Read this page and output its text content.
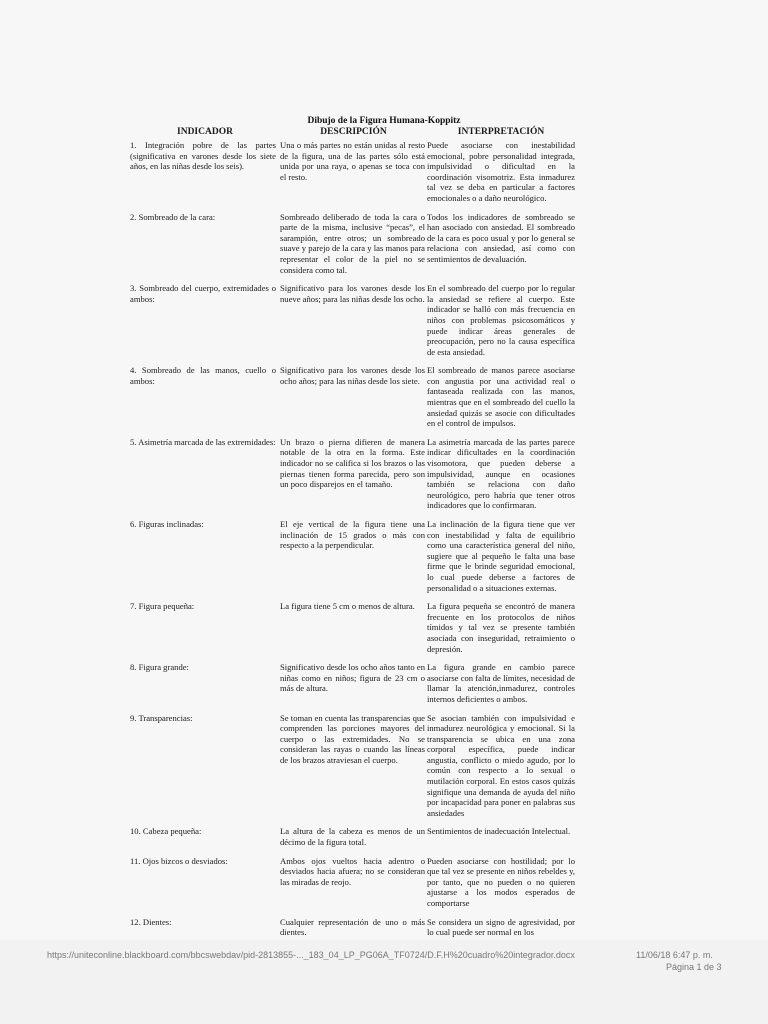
Dibujo de la Figura Humana-Koppitz
INDICADOR	DESCRIPCIÓN	INTERPRETACIÓN
1. Integración pobre de las partes (significativa en varones desde los siete años, en las niñas desde los seis).	Una o más partes no están unidas al resto de la figura, una de las partes sólo está unida por una raya, o apenas se toca con el resto.	Puede asociarse con inestabilidad emocional, pobre personalidad integrada, impulsividad o dificultad en la coordinación visomotriz. Esta inmadurez tal vez se deba en particular a factores emocionales o a daño neurológico.
2. Sombreado de la cara:	Sombreado deliberado de toda la cara o parte de la misma, inclusive “pecas”, el sarampión, entre otros; un sombreado suave y parejo de la cara y las manos para representar el color de la piel no se considera como tal.	Todos los indicadores de sombreado se han asociado con ansiedad. El sombreado de la cara es poco usual y por lo general se relaciona con ansiedad, así como con sentimientos de devaluación.
3. Sombreado del cuerpo, extremidades o ambos:	Significativo para los varones desde los nueve años; para las niñas desde los ocho.	En el sombreado del cuerpo por lo regular la ansiedad se refiere al cuerpo. Este indicador se halló con más frecuencia en niños con problemas psicosomáticos y puede indicar áreas generales de preocupación, pero no la causa específica de esta ansiedad.
4. Sombreado de las manos, cuello o ambos:	Significativo para los varones desde los ocho años; para las niñas desde los siete.	El sombreado de manos parece asociarse con angustia por una actividad real o fantaseada realizada con las manos, mientras que en el sombreado del cuello la ansiedad quizás se asocie con dificultades en el control de impulsos.
5. Asimetría marcada de las extremidades:	Un brazo o pierna difieren de manera notable de la otra en la forma. Este indicador no se califica si los brazos o las piernas tienen forma parecida, pero son un poco disparejos en el tamaño.	La asimetría marcada de las partes parece indicar dificultades en la coordinación visomotora, que pueden deberse a impulsividad, aunque en ocasiones también se relaciona con daño neurológico, pero habría que tener otros indicadores que lo confirmaran.
6. Figuras inclinadas:	El eje vertical de la figura tiene una inclinación de 15 grados o más con respecto a la perpendicular.	La inclinación de la figura tiene que ver con inestabilidad y falta de equilibrio como una característica general del niño, sugiere que al pequeño le falta una base firme que le brinde seguridad emocional, lo cual puede deberse a factores de personalidad o a situaciones externas.
7. Figura pequeña:	La figura tiene 5 cm o menos de altura.	La figura pequeña se encontró de manera frecuente en los protocolos de niños tímidos y tal vez se presente también asociada con inseguridad, retraimiento o depresión.
8. Figura grande:	Significativo desde los ocho años tanto en niñas como en niños; figura de 23 cm o más de altura.	La figura grande en cambio parece asociarse con falta de límites, necesidad de llamar la atención,inmadurez, controles internos deficientes o ambos.
9. Transparencias:	Se toman en cuenta las transparencias que comprenden las porciones mayores del cuerpo o las extremidades. No se consideran las rayas o cuando las líneas de los brazos atraviesan el cuerpo.	Se asocian también con impulsividad e inmadurez neurológica y emocional. Si la transparencia se ubica en una zona corporal específica, puede indicar angustia, conflicto o miedo agudo, por lo común con respecto a lo sexual o mutilación corporal. En estos casos quizás signifique una demanda de ayuda del niño por incapacidad para poner en palabras sus ansiedades
10. Cabeza pequeña:	La altura de la cabeza es menos de un décimo de la figura total.	Sentimientos de inadecuación Intelectual.
11. Ojos bizcos o desviados:	Ambos ojos vueltos hacia adentro o desviados hacia afuera; no se consideran las miradas de reojo.	Pueden asociarse con hostilidad; por lo que tal vez se presente en niños rebeldes y, por tanto, que no pueden o no quieren ajustarse a los modos esperados de comportarse
12. Dientes:	Cualquier representación de uno o más dientes.	Se considera un signo de agresividad, por lo cual puede ser normal en los
https://uniteconline.blackboard.com/bbcswebdav/pid-2813855-..._183_04_LP_PG06A_TF0724/D.F.H%20cuadro%20integrador.docx	11/06/18 6:47 p. m.
Página 1 de 3
